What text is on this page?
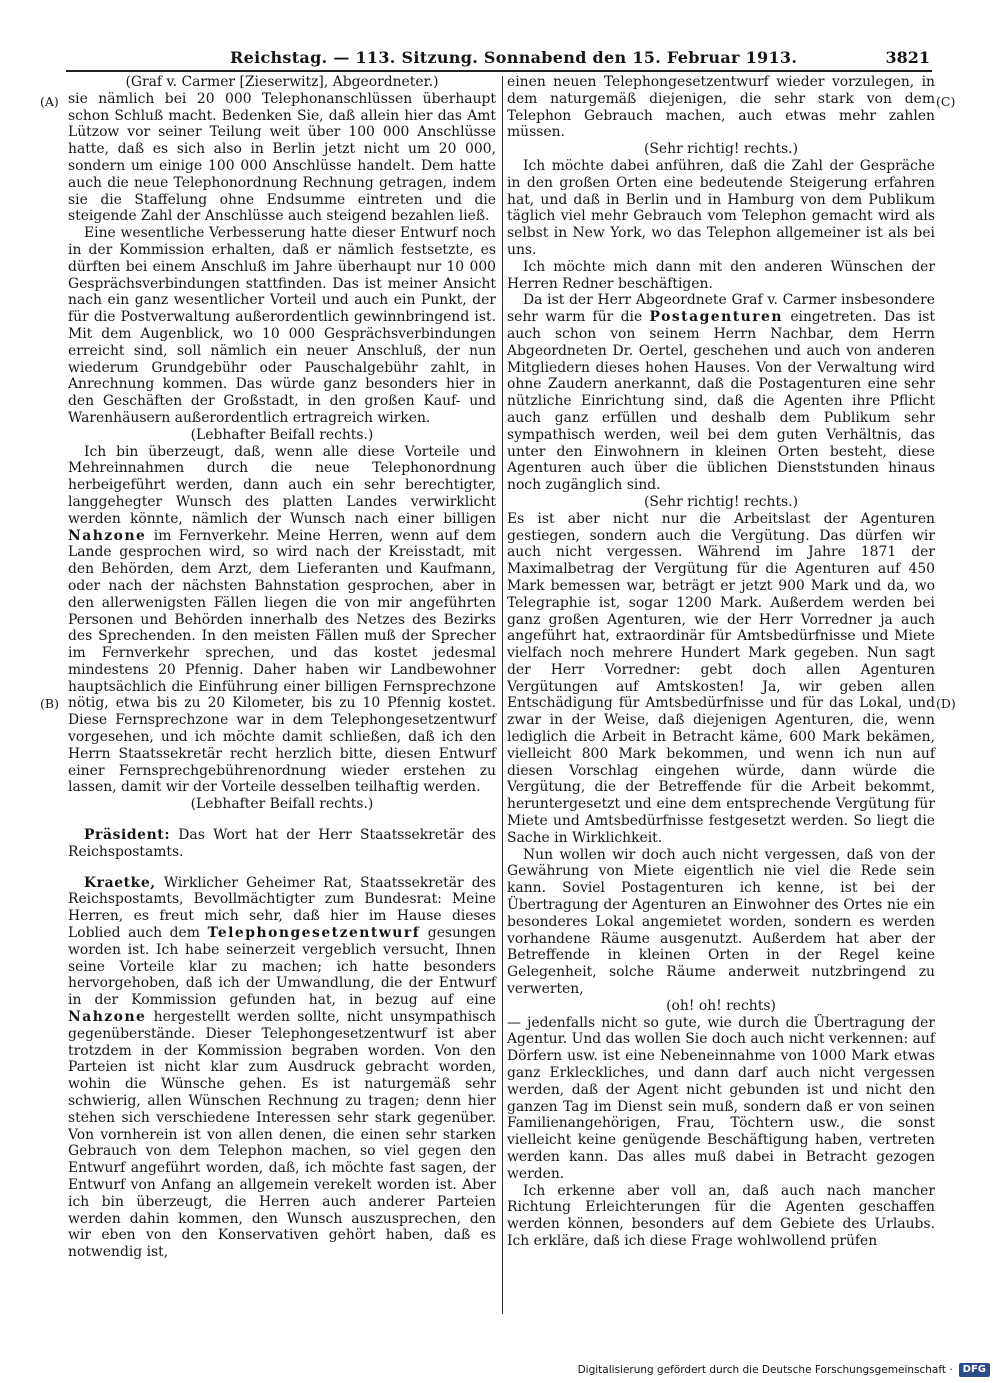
Reichstag. — 113. Sitzung. Sonnabend den 15. Februar 1913.	3821
(A)
(B)
(C)
(D)

(Graf v. Carmer [Zieserwitz], Abgeordneter.)

sie nämlich bei 20 000 Telephonanschlüssen überhaupt schon Schluß macht. Bedenken Sie, daß allein hier das Amt Lützow vor seiner Teilung weit über 100 000 Anschlüsse hatte, daß es sich also in Berlin jetzt nicht um 20 000, sondern um einige 100 000 Anschlüsse handelt. Dem hatte auch die neue Telephonordnung Rechnung getragen, indem sie die Staffelung ohne Endsumme eintreten und die steigende Zahl der Anschlüsse auch steigend bezahlen ließ.

Eine wesentliche Verbesserung hatte dieser Entwurf noch in der Kommission erhalten, daß er nämlich festsetzte, es dürften bei einem Anschluß im Jahre überhaupt nur 10 000 Gesprächsverbindungen stattfinden. Das ist meiner Ansicht nach ein ganz wesentlicher Vorteil und auch ein Punkt, der für die Postverwaltung außerordentlich gewinnbringend ist. Mit dem Augenblick, wo 10 000 Gesprächsverbindungen erreicht sind, soll nämlich ein neuer Anschluß, der nun wiederum Grundgebühr oder Pauschalgebühr zahlt, in Anrechnung kommen. Das würde ganz besonders hier in den Geschäften der Großstadt, in den großen Kauf- und Warenhäusern außerordentlich ertragreich wirken.

(Lebhafter Beifall rechts.)

Ich bin überzeugt, daß, wenn alle diese Vorteile und Mehreinnahmen durch die neue Telephonordnung herbeigeführt werden, dann auch ein sehr berechtigter, langgehegter Wunsch des platten Landes verwirklicht werden könnte, nämlich der Wunsch nach einer billigen Nahzone im Fernverkehr. Meine Herren, wenn auf dem Lande gesprochen wird, so wird nach der Kreisstadt, mit den Behörden, dem Arzt, dem Lieferanten und Kaufmann, oder nach der nächsten Bahnstation gesprochen, aber in den allerwenigsten Fällen liegen die von mir angeführten Personen und Behörden innerhalb des Netzes des Bezirks des Sprechenden. In den meisten Fällen muß der Sprecher im Fernverkehr sprechen, und das kostet jedesmal mindestens 20 Pfennig. Daher haben wir Landbewohner hauptsächlich die Einführung einer billigen Fernsprechzone nötig, etwa bis zu 20 Kilometer, bis zu 10 Pfennig kostet. Diese Fernsprechzone war in dem Telephongesetzentwurf vorgesehen, und ich möchte damit schließen, daß ich den Herrn Staatssekretär recht herzlich bitte, diesen Entwurf einer Fernsprechgebührenordnung wieder erstehen zu lassen, damit wir der Vorteile desselben teilhaftig werden.

(Lebhafter Beifall rechts.)

Präsident: Das Wort hat der Herr Staatssekretär des Reichspostamts.

Kraetke, Wirklicher Geheimer Rat, Staatssekretär des Reichspostamts, Bevollmächtigter zum Bundesrat: Meine Herren, es freut mich sehr, daß hier im Hause dieses Loblied auch dem Telephongesetzentwurf gesungen worden ist. Ich habe seinerzeit vergeblich versucht, Ihnen seine Vorteile klar zu machen; ich hatte besonders hervorgehoben, daß ich der Umwandlung, die der Entwurf in der Kommission gefunden hat, in bezug auf eine Nahzone hergestellt werden sollte, nicht unsympathisch gegenüberstände. Dieser Telephongesetzentwurf ist aber trotzdem in der Kommission begraben worden. Von den Parteien ist nicht klar zum Ausdruck gebracht worden, wohin die Wünsche gehen. Es ist naturgemäß sehr schwierig, allen Wünschen Rechnung zu tragen; denn hier stehen sich verschiedene Interessen sehr stark gegenüber. Von vornherein ist von allen denen, die einen sehr starken Gebrauch von dem Telephon machen, so viel gegen den Entwurf angeführt worden, daß, ich möchte fast sagen, der Entwurf von Anfang an allgemein verekelt worden ist. Aber ich bin überzeugt, die Herren auch anderer Parteien werden dahin kommen, den Wunsch auszusprechen, den wir eben von den Konservativen gehört haben, daß es notwendig ist,

einen neuen Telephongesetzentwurf wieder vorzulegen, in dem naturgemäß diejenigen, die sehr stark von dem Telephon Gebrauch machen, auch etwas mehr zahlen müssen.

(Sehr richtig! rechts.)

Ich möchte dabei anführen, daß die Zahl der Gespräche in den großen Orten eine bedeutende Steigerung erfahren hat, und daß in Berlin und in Hamburg von dem Publikum täglich viel mehr Gebrauch vom Telephon gemacht wird als selbst in New York, wo das Telephon allgemeiner ist als bei uns.

Ich möchte mich dann mit den anderen Wünschen der Herren Redner beschäftigen.

Da ist der Herr Abgeordnete Graf v. Carmer insbesondere sehr warm für die Postagenturen eingetreten. Das ist auch schon von seinem Herrn Nachbar, dem Herrn Abgeordneten Dr. Oertel, geschehen und auch von anderen Mitgliedern dieses hohen Hauses. Von der Verwaltung wird ohne Zaudern anerkannt, daß die Postagenturen eine sehr nützliche Einrichtung sind, daß die Agenten ihre Pflicht auch ganz erfüllen und deshalb dem Publikum sehr sympathisch werden, weil bei dem guten Verhältnis, das unter den Einwohnern in kleinen Orten besteht, diese Agenturen auch über die üblichen Dienststunden hinaus noch zugänglich sind.

(Sehr richtig! rechts.)

Es ist aber nicht nur die Arbeitslast der Agenturen gestiegen, sondern auch die Vergütung. Das dürfen wir auch nicht vergessen. Während im Jahre 1871 der Maximalbetrag der Vergütung für die Agenturen auf 450 Mark bemessen war, beträgt er jetzt 900 Mark und da, wo Telegraphie ist, sogar 1200 Mark. Außerdem werden bei ganz großen Agenturen, wie der Herr Vorredner ja auch angeführt hat, extraordinär für Amtsbedürfnisse und Miete vielfach noch mehrere Hundert Mark gegeben. Nun sagt der Herr Vorredner: gebt doch allen Agenturen Vergütungen auf Amtskosten! Ja, wir geben allen Entschädigung für Amtsbedürfnisse und für das Lokal, und zwar in der Weise, daß diejenigen Agenturen, die, wenn lediglich die Arbeit in Betracht käme, 600 Mark bekämen, vielleicht 800 Mark bekommen, und wenn ich nun auf diesen Vorschlag eingehen würde, dann würde die Vergütung, die der Betreffende für die Arbeit bekommt, heruntergesetzt und eine dem entsprechende Vergütung für Miete und Amtsbedürfnisse festgesetzt werden. So liegt die Sache in Wirklichkeit.

Nun wollen wir doch auch nicht vergessen, daß von der Gewährung von Miete eigentlich nie viel die Rede sein kann. Soviel Postagenturen ich kenne, ist bei der Übertragung der Agenturen an Einwohner des Ortes nie ein besonderes Lokal angemietet worden, sondern es werden vorhandene Räume ausgenutzt. Außerdem hat aber der Betreffende in kleinen Orten in der Regel keine Gelegenheit, solche Räume anderweit nutzbringend zu verwerten,

(oh! oh! rechts)

— jedenfalls nicht so gute, wie durch die Übertragung der Agentur. Und das wollen Sie doch auch nicht verkennen: auf Dörfern usw. ist eine Nebeneinnahme von 1000 Mark etwas ganz Erkleckliches, und dann darf auch nicht vergessen werden, daß der Agent nicht gebunden ist und nicht den ganzen Tag im Dienst sein muß, sondern daß er von seinen Familienangehörigen, Frau, Töchtern usw., die sonst vielleicht keine genügende Beschäftigung haben, vertreten werden kann. Das alles muß dabei in Betracht gezogen werden.

Ich erkenne aber voll an, daß auch nach mancher Richtung Erleichterungen für die Agenten geschaffen werden können, besonders auf dem Gebiete des Urlaubs. Ich erkläre, daß ich diese Frage wohlwollend prüfen

Digitalisierung gefördert durch die Deutsche Forschungsgemeinschaft ·	DFG
